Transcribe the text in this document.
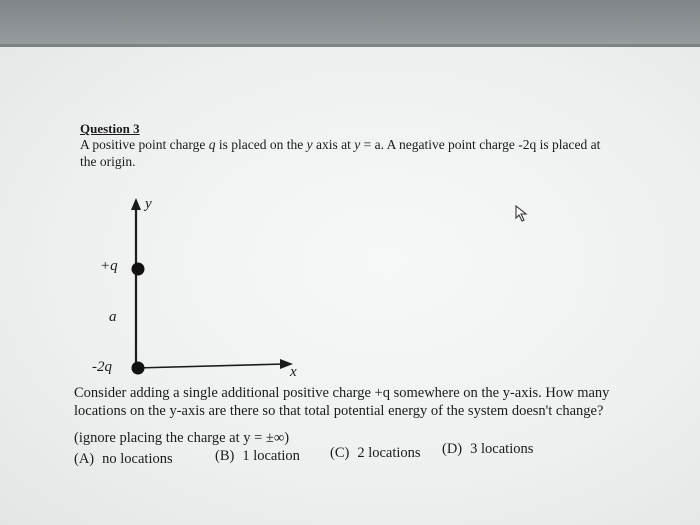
Question 3
A positive point charge q is placed on the y axis at y = a. A negative point charge -2q is placed at
the origin.
y
x
+q
a
-2q
Consider adding a single additional positive charge +q somewhere on the y-axis. How many
locations on the y-axis are there so that total potential energy of the system doesn't change?
(ignore placing the charge at y = ±∞)
(A) no locations	(B) 1 location (C) 2 locations (D) 3 locations
